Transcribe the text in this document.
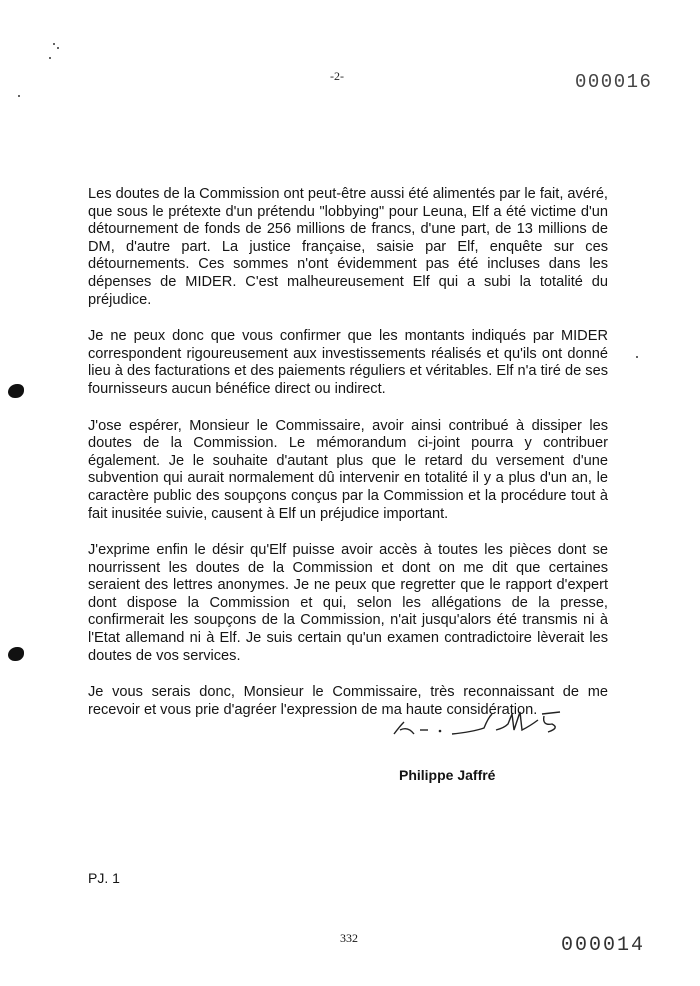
-2-	000016

Les doutes de la Commission ont peut-être aussi été alimentés par le fait, avéré, que sous le prétexte d'un prétendu "lobbying" pour Leuna, Elf a été victime d'un détournement de fonds de 256 millions de francs, d'une part, de 13 millions de DM, d'autre part. La justice française, saisie par Elf, enquête sur ces détournements. Ces sommes n'ont évidemment pas été incluses dans les dépenses de MIDER. C'est malheureusement Elf qui a subi la totalité du préjudice.

Je ne peux donc que vous confirmer que les montants indiqués par MIDER correspondent rigoureusement aux investissements réalisés et qu'ils ont donné lieu à des facturations et des paiements réguliers et véritables. Elf n'a tiré de ses fournisseurs aucun bénéfice direct ou indirect.

J'ose espérer, Monsieur le Commissaire, avoir ainsi contribué à dissiper les doutes de la Commission. Le mémorandum ci-joint pourra y contribuer également. Je le souhaite d'autant plus que le retard du versement d'une subvention qui aurait normalement dû intervenir en totalité il y a plus d'un an, le caractère public des soupçons conçus par la Commission et la procédure tout à fait inusitée suivie, causent à Elf un préjudice important.

J'exprime enfin le désir qu'Elf puisse avoir accès à toutes les pièces dont se nourrissent les doutes de la Commission et dont on me dit que certaines seraient des lettres anonymes. Je ne peux que regretter que le rapport d'expert dont dispose la Commission et qui, selon les allégations de la presse, confirmerait les soupçons de la Commission, n'ait jusqu'alors été transmis ni à l'Etat allemand ni à Elf. Je suis certain qu'un examen contradictoire lèverait les doutes de vos services.

Je vous serais donc, Monsieur le Commissaire, très reconnaissant de me recevoir et vous prie d'agréer l'expression de ma haute considération.

Philippe Jaffré
PJ. 1
332	000014
